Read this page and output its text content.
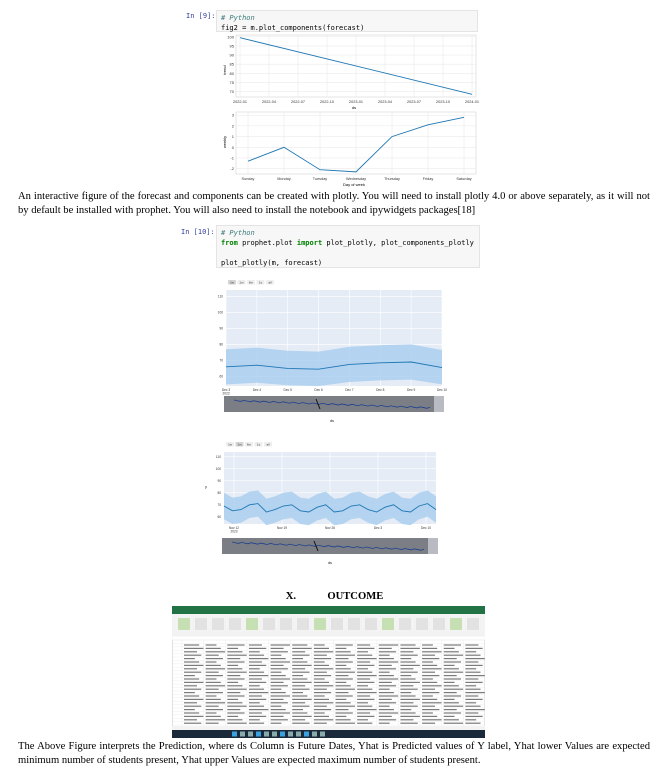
In [9]: # Python
fig2 = m.plot_components(forecast)
trend
ds
100
95
90
85
80
75
70
2022-01	2022-04	2022-07	2022-10	2023-01	2023-04	2023-07	2023-10	2024-01
weekly
Day of week
3
2
1
0
-1
-2
Sunday	Monday	Tuesday	Wednesday	Thursday	Friday	Saturday
An interactive figure of the forecast and components can be created with plotly. You will need to install plotly 4.0 or above separately, as it will not by default be installed with prophet. You will also need to install the notebook and ipywidgets packages[18]
In [10]: # Python
from prophet.plot import plot_plotly, plot_components_plotly
plot_plotly(m, forecast)
ds
1w 1m 6m 1y all
110
100
90
80
70
60
Dec 3
2023
Dec 4	Dec 5	Dec 6	Dec 7	Dec 8	Dec 9	Dec 10
y
ds
1w 1m 6m 1y all
110
100
90
80
70
60
Nov 12
2023
Nov 19	Nov 26	Dec 3	Dec 10
X.	OUTCOME
The Above Figure interprets the Prediction, where ds Column is Future Dates, Yhat is Predicted values of Y label, Yhat lower Values are expected minimum number of students present, Yhat upper Values are expected maximum number of students present.
